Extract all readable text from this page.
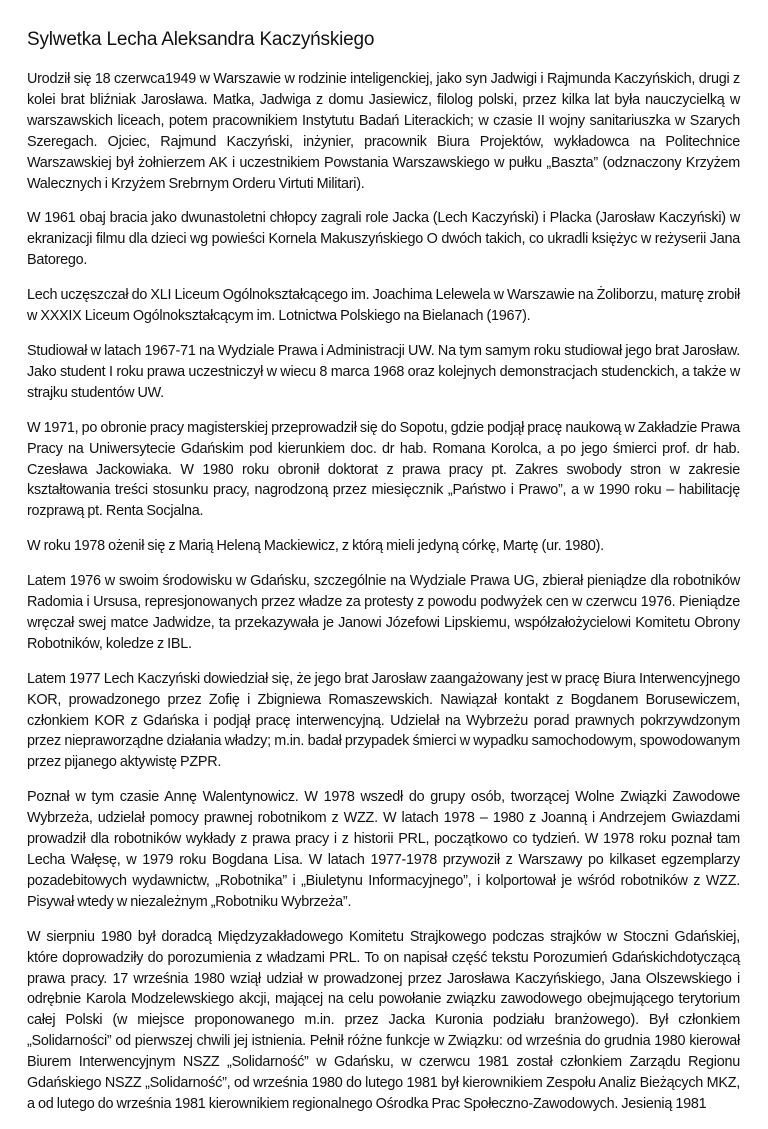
Sylwetka Lecha Aleksandra Kaczyńskiego

Urodził się 18 czerwca1949 w Warszawie w rodzinie inteligenckiej, jako syn Jadwigi i Rajmunda Kaczyńskich, drugi z kolei brat bliźniak Jarosława. Matka, Jadwiga z domu Jasiewicz, filolog polski, przez kilka lat była nauczycielką w warszawskich liceach, potem pracownikiem Instytutu Badań Literackich; w czasie II wojny sanitariuszka w Szarych Szeregach. Ojciec, Rajmund Kaczyński, inżynier, pracownik Biura Projektów, wykładowca na Politechnice Warszawskiej był żołnierzem AK i uczestnikiem Powstania Warszawskiego w pułku „Baszta” (odznaczony Krzyżem Walecznych i Krzyżem Srebrnym Orderu Virtuti Militari).

W 1961 obaj bracia jako dwunastoletni chłopcy zagrali role Jacka (Lech Kaczyński) i Placka (Jarosław Kaczyński) w ekranizacji filmu dla dzieci wg powieści Kornela Makuszyńskiego O dwóch takich, co ukradli księżyc w reżyserii Jana Batorego.

Lech uczęszczał do XLI Liceum Ogólnokształcącego im. Joachima Lelewela w Warszawie na Żoliborzu, maturę zrobił w XXXIX Liceum Ogólnokształcącym im. Lotnictwa Polskiego na Bielanach (1967).

Studiował w latach 1967-71 na Wydziale Prawa i Administracji UW. Na tym samym roku studiował jego brat Jarosław. Jako student I roku prawa uczestniczył w wiecu 8 marca 1968 oraz kolejnych demonstracjach studenckich, a także w strajku studentów UW.

W 1971, po obronie pracy magisterskiej przeprowadził się do Sopotu, gdzie podjął pracę naukową w Zakładzie Prawa Pracy na Uniwersytecie Gdańskim pod kierunkiem doc. dr hab. Romana Korolca, a po jego śmierci prof. dr hab. Czesława Jackowiaka. W 1980 roku obronił doktorat z prawa pracy pt. Zakres swobody stron w zakresie kształtowania treści stosunku pracy, nagrodzoną przez miesięcznik „Państwo i Prawo”, a w 1990 roku – habilitację rozprawą pt. Renta Socjalna.

W roku 1978 ożenił się z Marią Heleną Mackiewicz, z którą mieli jedyną córkę, Martę (ur. 1980).

Latem 1976 w swoim środowisku w Gdańsku, szczególnie na Wydziale Prawa UG, zbierał pieniądze dla robotników Radomia i Ursusa, represjonowanych przez władze za protesty z powodu podwyżek cen w czerwcu 1976. Pieniądze wręczał swej matce Jadwidze, ta przekazywała je Janowi Józefowi Lipskiemu, współzałożycielowi Komitetu Obrony Robotników, koledze z IBL.

Latem 1977 Lech Kaczyński dowiedział się, że jego brat Jarosław zaangażowany jest w pracę Biura Interwencyjnego KOR, prowadzonego przez Zofię i Zbigniewa Romaszewskich. Nawiązał kontakt z Bogdanem Borusewiczem, członkiem KOR z Gdańska i podjął pracę interwencyjną. Udzielał na Wybrzeżu porad prawnych pokrzywdzonym przez niepraworządne działania władzy; m.in. badał przypadek śmierci w wypadku samochodowym, spowodowanym przez pijanego aktywistę PZPR.

Poznał w tym czasie Annę Walentynowicz. W 1978 wszedł do grupy osób, tworzącej Wolne Związki Zawodowe Wybrzeża, udzielał pomocy prawnej robotnikom z WZZ. W latach 1978 – 1980 z Joanną i Andrzejem Gwiazdami prowadził dla robotników wykłady z prawa pracy i z historii PRL, początkowo co tydzień. W 1978 roku poznał tam Lecha Wałęsę, w 1979 roku Bogdana Lisa. W latach 1977-1978 przywoził z Warszawy po kilkaset egzemplarzy pozadebitowych wydawnictw, „Robotnika” i „Biuletynu Informacyjnego”, i kolportował je wśród robotników z WZZ. Pisywał wtedy w niezależnym „Robotniku Wybrzeża”.

W sierpniu 1980 był doradcą Międzyzakładowego Komitetu Strajkowego podczas strajków w Stoczni Gdańskiej, które doprowadziły do porozumienia z władzami PRL. To on napisał część tekstu Porozumień Gdańskichdotyczącą prawa pracy. 17 września 1980 wziął udział w prowadzonej przez Jarosława Kaczyńskiego, Jana Olszewskiego i odrębnie Karola Modzelewskiego akcji, mającej na celu powołanie związku zawodowego obejmującego terytorium całej Polski (w miejsce proponowanego m.in. przez Jacka Kuronia podziału branżowego). Był członkiem „Solidarności” od pierwszej chwili jej istnienia. Pełnił różne funkcje w Związku: od września do grudnia 1980 kierował Biurem Interwencyjnym NSZZ „Solidarność” w Gdańsku, w czerwcu 1981 został członkiem Zarządu Regionu Gdańskiego NSZZ „Solidarność”, od września 1980 do lutego 1981 był kierownikiem Zespołu Analiz Bieżących MKZ, a od lutego do września 1981 kierownikiem regionalnego Ośrodka Prac Społeczno-Zawodowych. Jesienią 1981
